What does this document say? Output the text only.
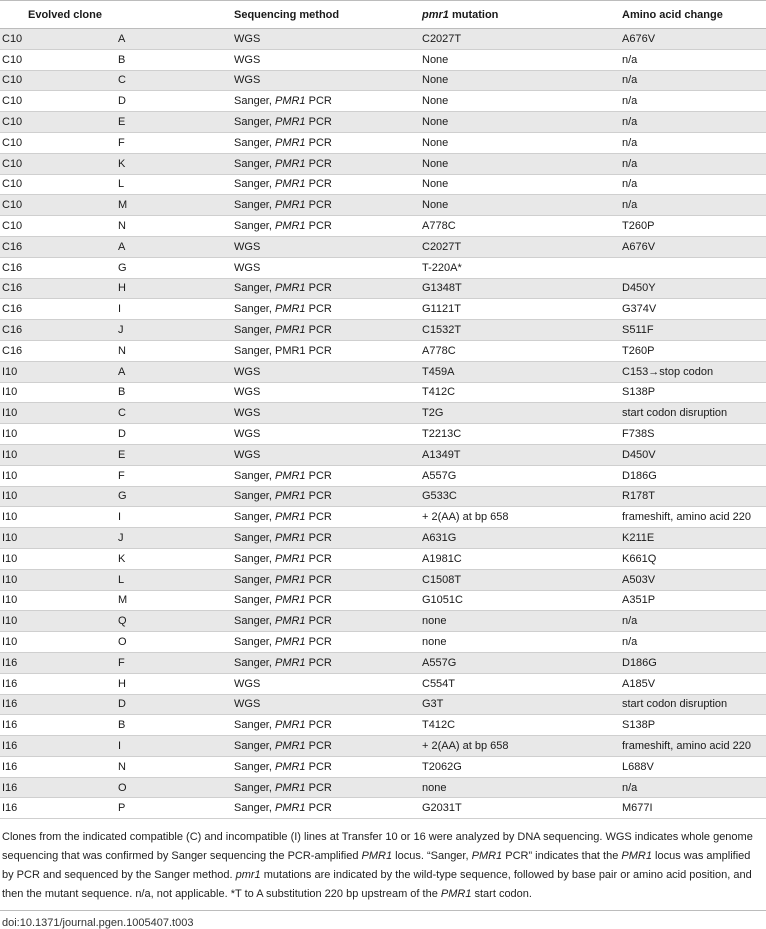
Evolved clone		Sequencing method	pmr1 mutation	Amino acid change
C10	A	WGS	C2027T	A676V
C10	B	WGS	None	n/a
C10	C	WGS	None	n/a
C10	D	Sanger, PMR1 PCR	None	n/a
C10	E	Sanger, PMR1 PCR	None	n/a
C10	F	Sanger, PMR1 PCR	None	n/a
C10	K	Sanger, PMR1 PCR	None	n/a
C10	L	Sanger, PMR1 PCR	None	n/a
C10	M	Sanger, PMR1 PCR	None	n/a
C10	N	Sanger, PMR1 PCR	A778C	T260P
C16	A	WGS	C2027T	A676V
C16	G	WGS	T-220A*	
C16	H	Sanger, PMR1 PCR	G1348T	D450Y
C16	I	Sanger, PMR1 PCR	G1121T	G374V
C16	J	Sanger, PMR1 PCR	C1532T	S511F
C16	N	Sanger, PMR1 PCR	A778C	T260P
I10	A	WGS	T459A	C153→stop codon
I10	B	WGS	T412C	S138P
I10	C	WGS	T2G	start codon disruption
I10	D	WGS	T2213C	F738S
I10	E	WGS	A1349T	D450V
I10	F	Sanger, PMR1 PCR	A557G	D186G
I10	G	Sanger, PMR1 PCR	G533C	R178T
I10	I	Sanger, PMR1 PCR	+ 2(AA) at bp 658	frameshift, amino acid 220
I10	J	Sanger, PMR1 PCR	A631G	K211E
I10	K	Sanger, PMR1 PCR	A1981C	K661Q
I10	L	Sanger, PMR1 PCR	C1508T	A503V
I10	M	Sanger, PMR1 PCR	G1051C	A351P
I10	Q	Sanger, PMR1 PCR	none	n/a
I10	O	Sanger, PMR1 PCR	none	n/a
I16	F	Sanger, PMR1 PCR	A557G	D186G
I16	H	WGS	C554T	A185V
I16	D	WGS	G3T	start codon disruption
I16	B	Sanger, PMR1 PCR	T412C	S138P
I16	I	Sanger, PMR1 PCR	+ 2(AA) at bp 658	frameshift, amino acid 220
I16	N	Sanger, PMR1 PCR	T2062G	L688V
I16	O	Sanger, PMR1 PCR	none	n/a
I16	P	Sanger, PMR1 PCR	G2031T	M677I

Clones from the indicated compatible (C) and incompatible (I) lines at Transfer 10 or 16 were analyzed by DNA sequencing. WGS indicates whole genome sequencing that was confirmed by Sanger sequencing the PCR-amplified PMR1 locus. “Sanger, PMR1 PCR” indicates that the PMR1 locus was amplified by PCR and sequenced by the Sanger method. pmr1 mutations are indicated by the wild-type sequence, followed by base pair or amino acid position, and then the mutant sequence. n/a, not applicable. *T to A substitution 220 bp upstream of the PMR1 start codon.

doi:10.1371/journal.pgen.1005407.t003
